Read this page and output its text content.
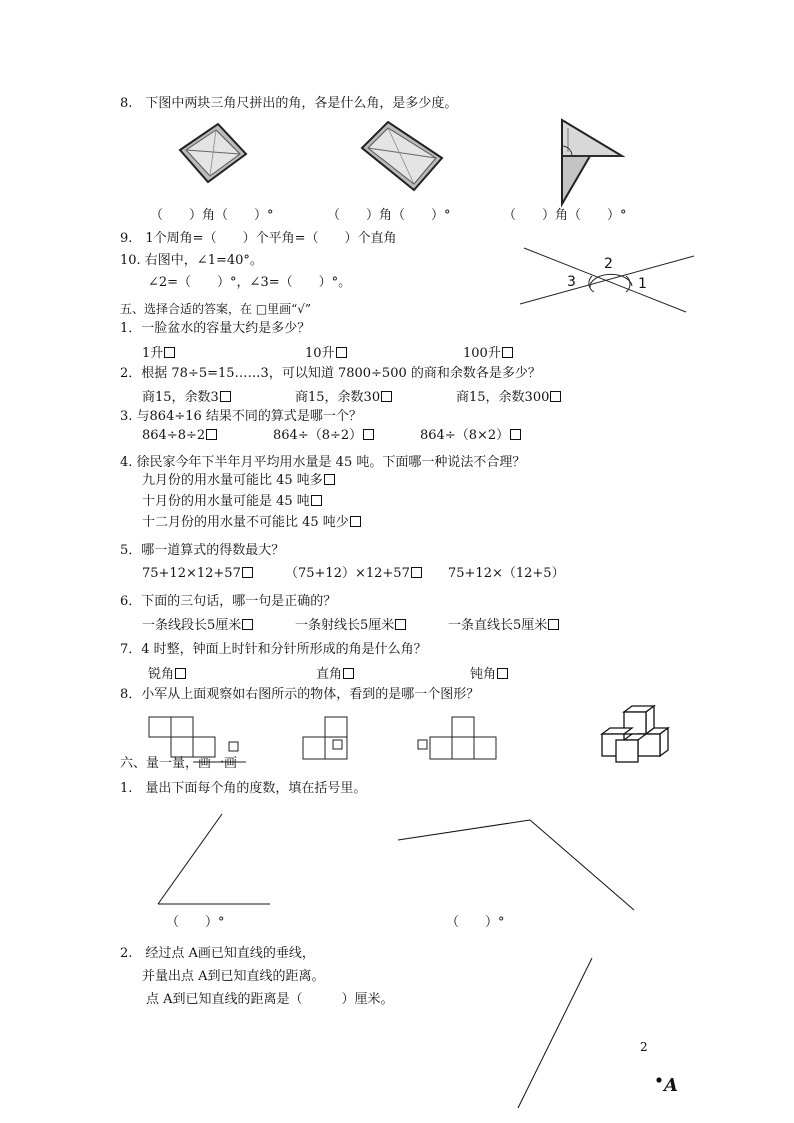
8.　下图中两块三角尺拼出的角，各是什么角，是多少度。
（　　）角（　　）°	（　　）角（　　）°	（　　）角（　　）°
9.　1个周角=（　　）个平角=（　　）个直角
10. 右图中，∠1=40°。
∠2=（　　）°，∠3=（　　）°。
2
3	1
五、选择合适的答案，在 □里画“√”
1．一脸盆水的容量大约是多少？
1升	10升	100升
2．根据 78÷5=15……3，可以知道 7800÷500 的商和余数各是多少？
商15，余数3	商15，余数30	商15，余数300
3. 与864÷16 结果不同的算式是哪一个？
864÷8÷2	864÷（8÷2）	864÷（8×2）
4. 徐民家今年下半年月平均用水量是 45 吨。下面哪一种说法不合理？
九月份的用水量可能比 45 吨多
十月份的用水量可能是 45 吨
十二月份的用水量不可能比 45 吨少
5．哪一道算式的得数最大？
75+12×12+57	（75+12）×12+57	75+12×（12+5）
6．下面的三句话，哪一句是正确的？
一条线段长5厘米	一条射线长5厘米	一条直线长5厘米
7．4 时整，钟面上时针和分针所形成的角是什么角？
锐角	直角	钝角
8．小军从上面观察如右图所示的物体，看到的是哪一个图形？
六、量一量，画一画
1.　量出下面每个角的度数，填在括号里。
（　　）°	（　　）°
2.　经过点 A画已知直线的垂线，
并量出点 A到已知直线的距离。
点 A到已知直线的距离是（　　　）厘米。
2
A
